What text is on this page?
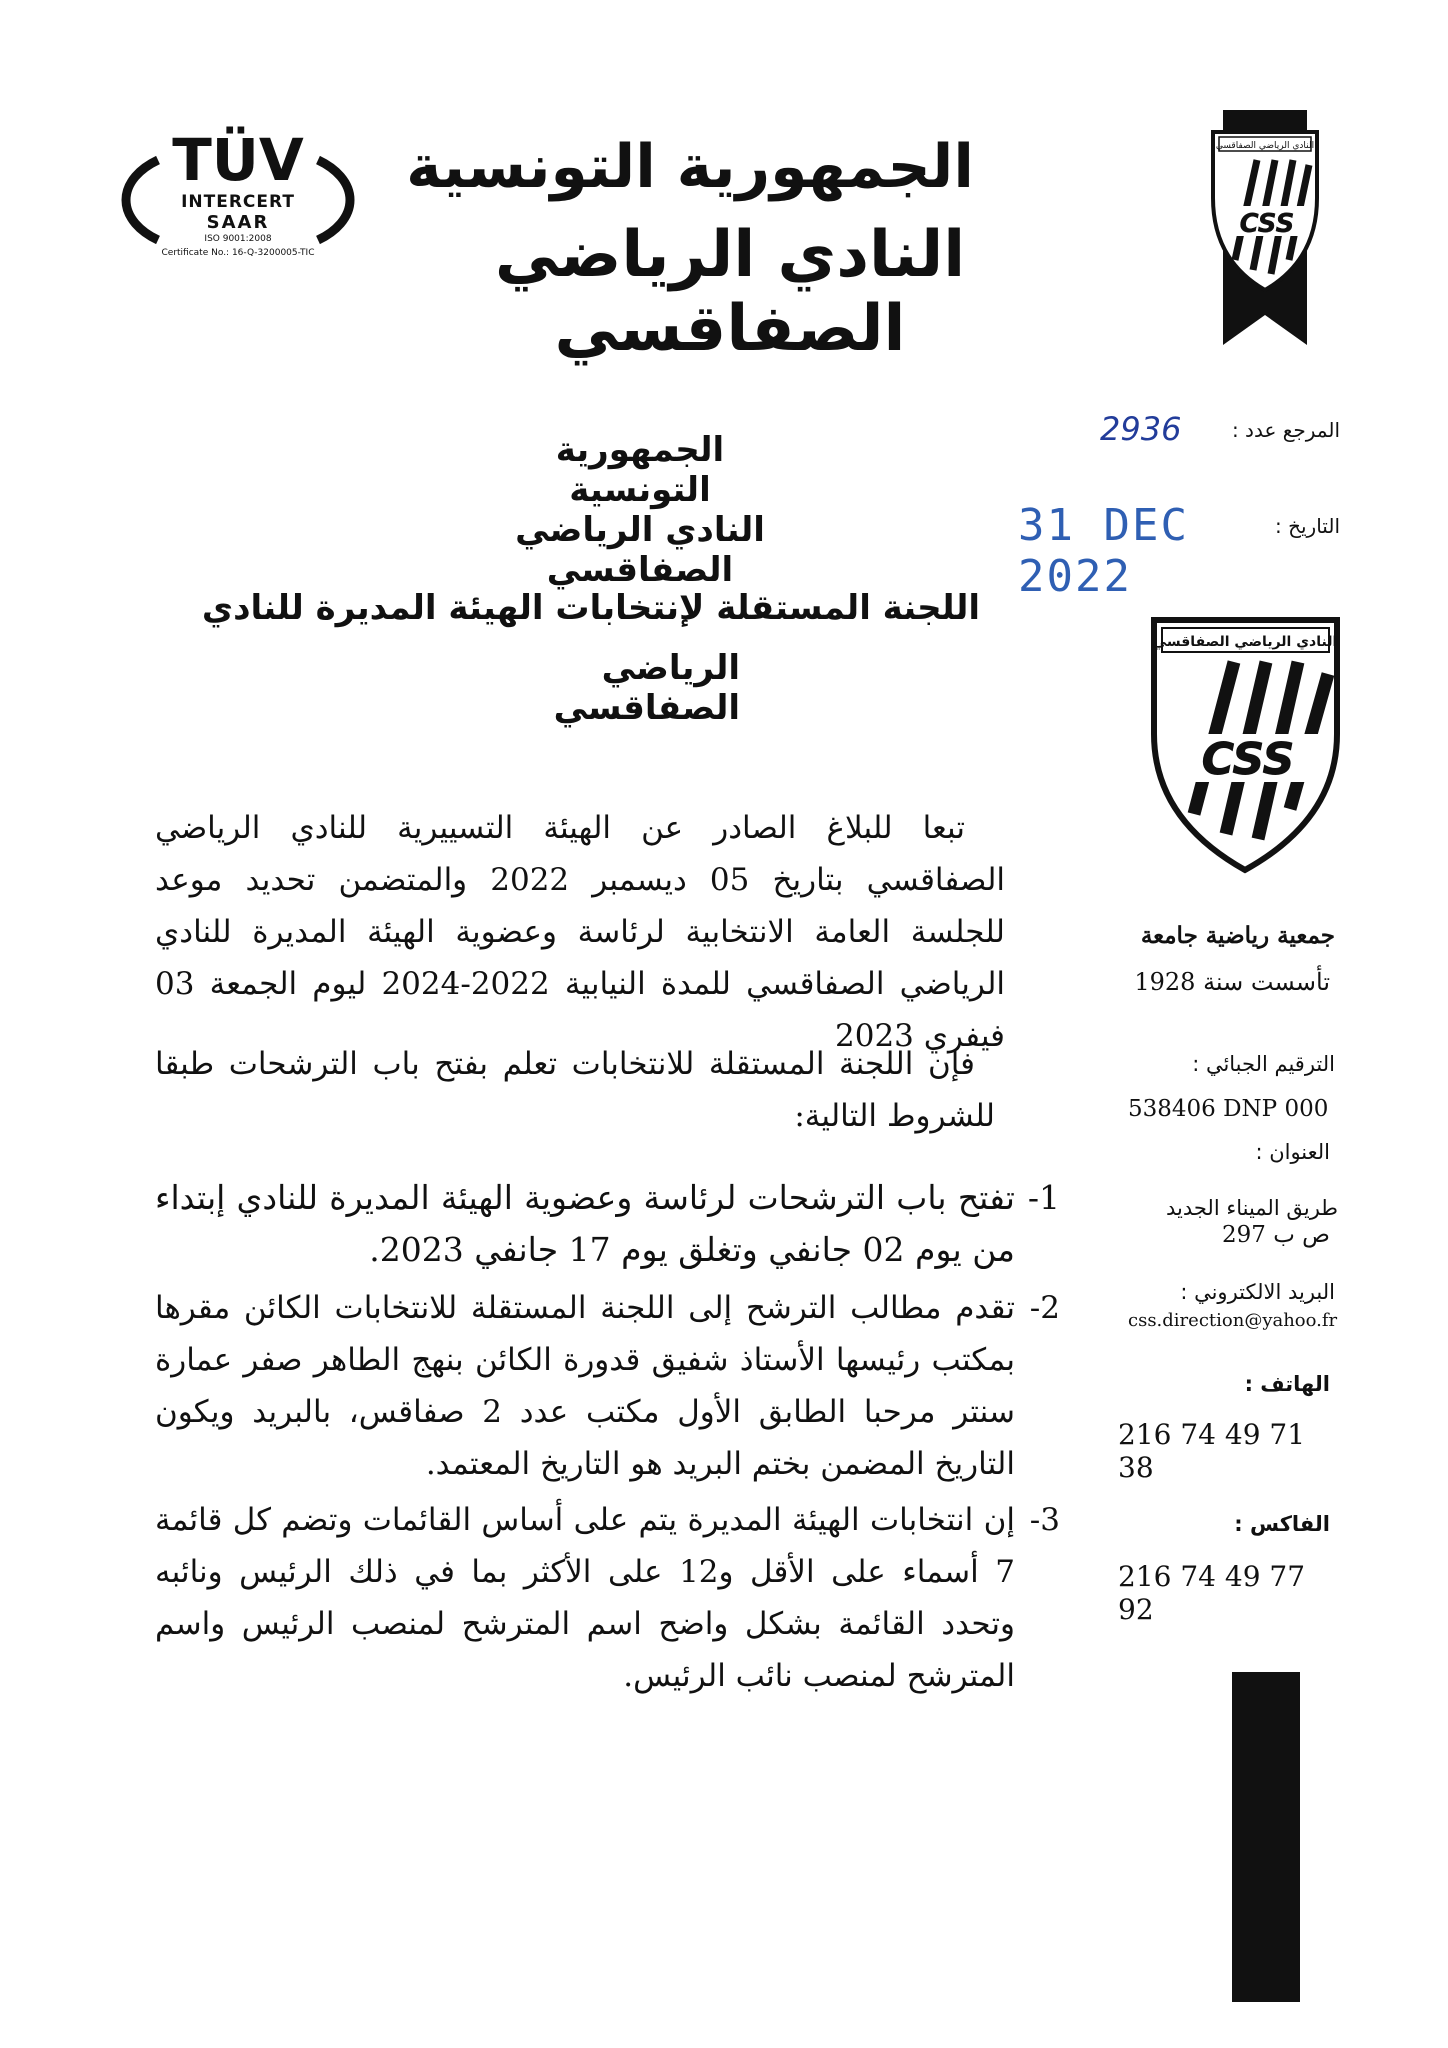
الجمهورية التونسية
النادي الرياضي الصفاقسي
TÜV
INTERCERT
SAAR
ISO 9001:2008
Certificate No.: 16-Q-3200005-TIC
النادي الرياضي الصفاقسي
CSS
المرجع عدد :
2936
التاريخ :
31 DEC 2022
الجمهورية التونسية
النادي الرياضي الصفاقسي
اللجنة المستقلة لإنتخابات الهيئة المديرة للنادي
الرياضي الصفاقسي
النادي الرياضي الصفاقسي
CSS
جمعية رياضية جامعة
تأسست سنة 1928
الترقيم الجبائي :
538406 DNP 000
العنوان :
طريق الميناء الجديد
ص ب 297
البريد الالكتروني :
css.direction@yahoo.fr
الهاتف :
216 74 49 71 38
الفاكس :
216 74 49 77 92
تبعا للبلاغ الصادر عن الهيئة التسييرية للنادي الرياضي الصفاقسي بتاريخ 05 ديسمبر 2022 والمتضمن تحديد موعد للجلسة العامة الانتخابية لرئاسة وعضوية الهيئة المديرة للنادي الرياضي الصفاقسي للمدة النيابية 2022-2024 ليوم الجمعة 03 فيفري 2023
فإن اللجنة المستقلة للانتخابات تعلم بفتح باب الترشحات طبقا للشروط التالية:
1-
تفتح باب الترشحات لرئاسة وعضوية الهيئة المديرة للنادي إبتداء من يوم 02 جانفي وتغلق يوم 17 جانفي 2023.
2-
تقدم مطالب الترشح إلى اللجنة المستقلة للانتخابات الكائن مقرها بمكتب رئيسها الأستاذ شفيق قدورة الكائن بنهج الطاهر صفر عمارة سنتر مرحبا الطابق الأول مكتب عدد 2 صفاقس، بالبريد ويكون التاريخ المضمن بختم البريد هو التاريخ المعتمد.
3-
إن انتخابات الهيئة المديرة يتم على أساس القائمات وتضم كل قائمة 7 أسماء على الأقل و12 على الأكثر بما في ذلك الرئيس ونائبه وتحدد القائمة بشكل واضح اسم المترشح لمنصب الرئيس واسم المترشح لمنصب نائب الرئيس.
